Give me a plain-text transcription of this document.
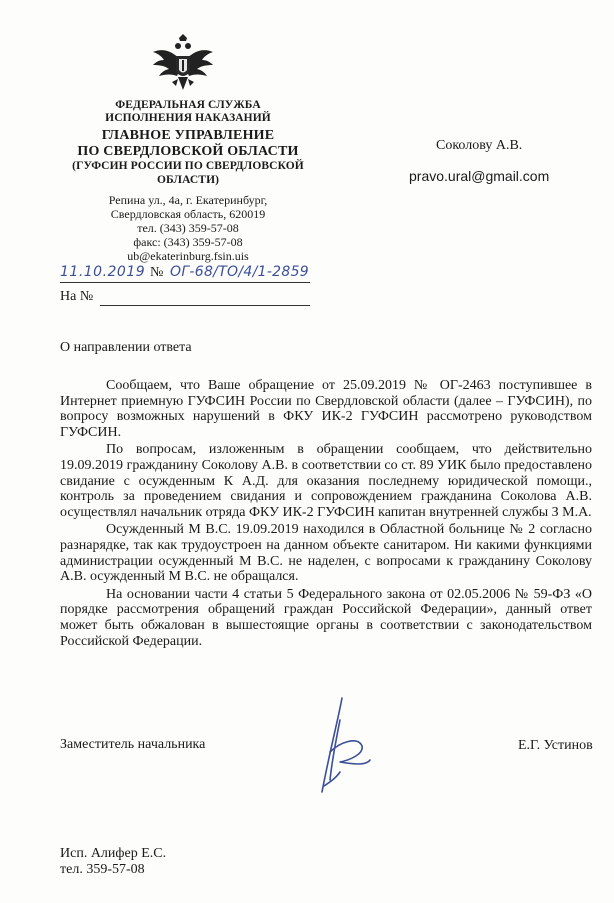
ФЕДЕРАЛЬНАЯ СЛУЖБА
ИСПОЛНЕНИЯ НАКАЗАНИЙ
ГЛАВНОЕ УПРАВЛЕНИЕ
ПО СВЕРДЛОВСКОЙ ОБЛАСТИ
(ГУФСИН РОССИИ ПО СВЕРДЛОВСКОЙ
ОБЛАСТИ)
Репина ул., 4а, г. Екатеринбург,
Свердловская область, 620019
тел. (343) 359-57-08
факс: (343) 359-57-08
ub@ekaterinburg.fsin.uis
11.10.2019 № ОГ-68/ТО/4/1-2859
На №
Соколову А.В.
pravo.ural@gmail.com
О направлении ответа

Сообщаем, что Ваше обращение от 25.09.2019 № ОГ-2463 поступившее в Интернет приемную ГУФСИН России по Свердловской области (далее – ГУФСИН), по вопросу возможных нарушений в ФКУ ИК-2 ГУФСИН рассмотрено руководством ГУФСИН.

По вопросам, изложенным в обращении сообщаем, что действительно 19.09.2019 гражданину Соколову А.В. в соответствии со ст. 89 УИК было предоставлено свидание с осужденным К А.Д. для оказания последнему юридической помощи., контроль за проведением свидания и сопровождением гражданина Соколова А.В. осуществлял начальник отряда ФКУ ИК-2 ГУФСИН капитан внутренней службы З М.А.

Осужденный М В.С. 19.09.2019 находился в Областной больнице № 2 согласно разнарядке, так как трудоустроен на данном объекте санитаром. Ни какими функциями администрации осужденный М В.С. не наделен, с вопросами к гражданину Соколову А.В. осужденный М В.С. не обращался.

На основании части 4 статьи 5 Федерального закона от 02.05.2006 № 59-ФЗ «О порядке рассмотрения обращений граждан Российской Федерации», данный ответ может быть обжалован в вышестоящие органы в соответствии с законодательством Российской Федерации.

Заместитель начальника	Е.Г. Устинов
Исп. Алифер Е.С.
тел. 359-57-08
